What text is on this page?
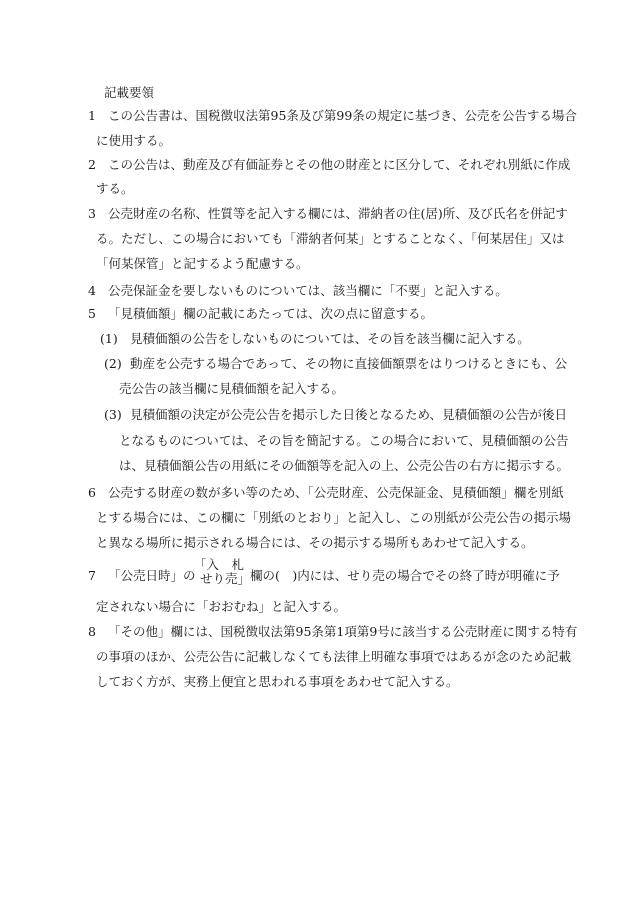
記載要領
1 この公告書は、国税徴収法第95条及び第99条の規定に基づき、公売を公告する場合
に使用する。
2 この公告は、動産及び有価証券とその他の財産とに区分して、それぞれ別紙に作成
する。
3 公売財産の名称、性質等を記入する欄には、滞納者の住(居)所、及び氏名を併記す
る。ただし、この場合においても「滞納者何某」とすることなく、「何某居住」又は
「何某保管」と記するよう配慮する。
4 公売保証金を要しないものについては、該当欄に「不要」と記入する。
5 「見積価額」欄の記載にあたっては、次の点に留意する。
(1) 見積価額の公告をしないものについては、その旨を該当欄に記入する。
(2) 動産を公売する場合であって、その物に直接価額票をはりつけるときにも、公
売公告の該当欄に見積価額を記入する。
(3) 見積価額の決定が公売公告を掲示した日後となるため、見積価額の公告が後日
となるものについては、その旨を簡記する。この場合において、見積価額の公告
は、見積価額公告の用紙にその価額等を記入の上、公売公告の右方に掲示する。
6 公売する財産の数が多い等のため、「公売財産、公売保証金、見積価額」欄を別紙
とする場合には、この欄に「別紙のとおり」と記入し、この別紙が公売公告の掲示場
と異なる場所に掲示される場合には、その掲示する場所もあわせて記入する。
7 「公売日時」の
「入　札
せり売」 欄の(　)内には、せり売の場合でその終了時が明確に予
定されない場合に「おおむね」と記入する。
8 「その他」欄には、国税徴収法第95条第1項第9号に該当する公売財産に関する特有
の事項のほか、公売公告に記載しなくても法律上明確な事項ではあるが念のため記載
しておく方が、実務上便宜と思われる事項をあわせて記入する。
